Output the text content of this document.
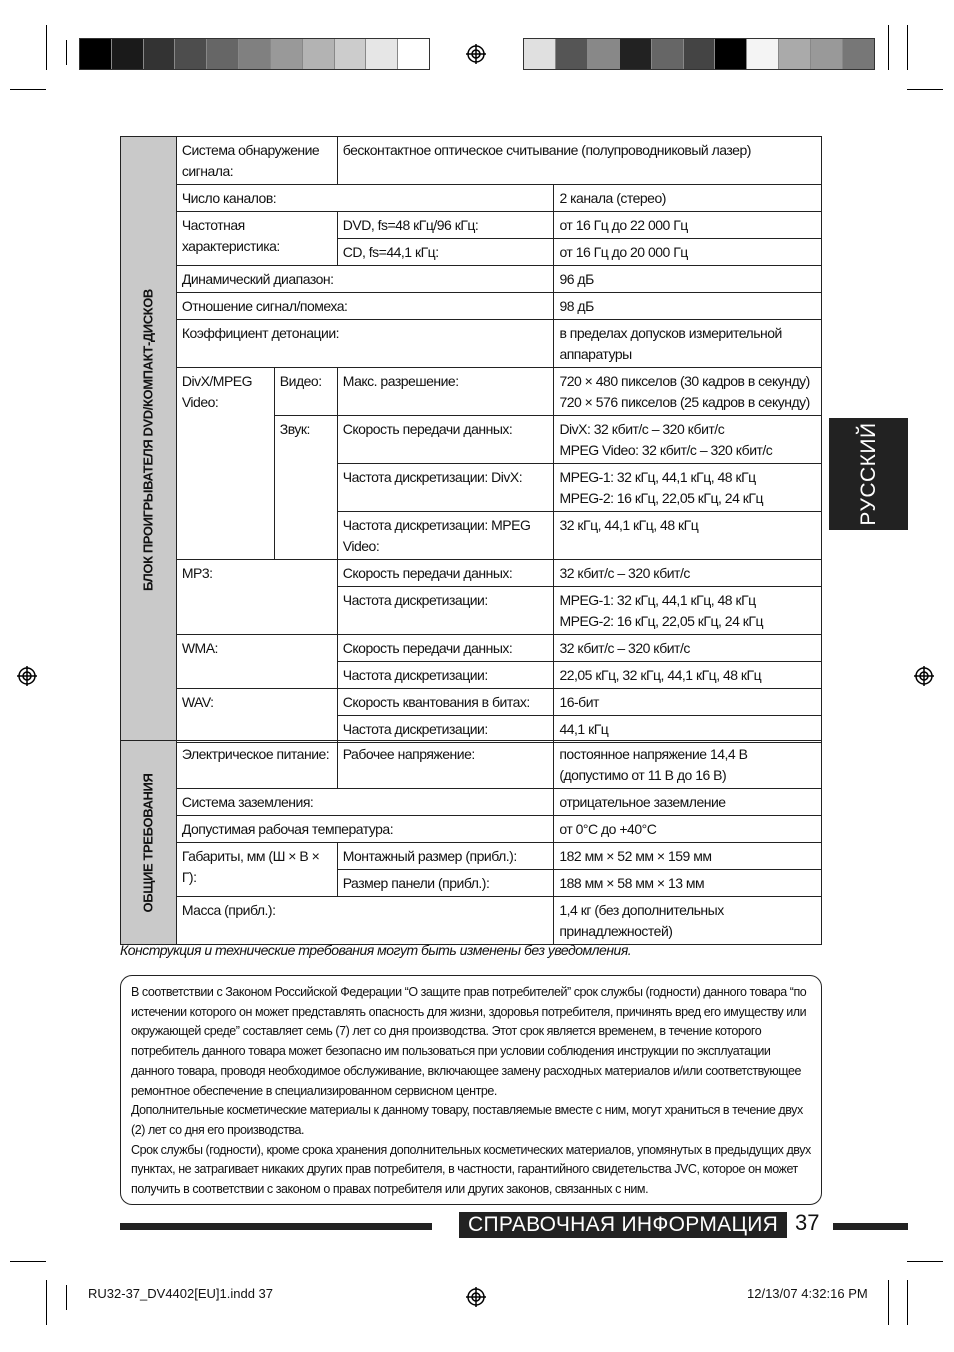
РУССКИЙ
БЛОК ПРОИГРЫВАТЕЛЯ DVD/КОМПАКТ-ДИСКОВ	Система обнаружение сигнала:		бесконтактное оптическое считывание (полупроводниковый лазер)	
	Число каналов:			2 канала (стерео)
	Частотная характеристика:		DVD, fs=48 кГц/96 кГц:	от 16 Гц до 22 000 Гц
			CD, fs=44,1 кГц:	от 16 Гц до 20 000 Гц
	Динамический диапазон:			96 дБ
	Отношение сигнал/помеха:			98 дБ
	Коэффициент детонации:			в пределах допусков измерительной аппаратуры
	DivX/MPEG Video:	Видео:	Макс. разрешение:	720 × 480 пикселов (30 кадров в секунду)
720 × 576 пикселов (25 кадров в секунду)

		Звук:	Скорость передачи данных:	DivX: 32 кбит/с – 320 кбит/с
MPEG Video: 32 кбит/с – 320 кбит/с

			Частота дискретизации: DivX:	MPEG-1: 32 кГц, 44,1 кГц, 48 кГц
MPEG-2: 16 кГц, 22,05 кГц, 24 кГц

			Частота дискретизации: MPEG Video:	32 кГц, 44,1 кГц, 48 кГц
	MP3:		Скорость передачи данных:	32 кбит/с – 320 кбит/с
			Частота дискретизации:	MPEG-1: 32 кГц, 44,1 кГц, 48 кГц
MPEG-2: 16 кГц, 22,05 кГц, 24 кГц

	WMA:		Скорость передачи данных:	32 кбит/с – 320 кбит/с
			Частота дискретизации:	22,05 кГц, 32 кГц, 44,1 кГц, 48 кГц
	WAV:		Скорость квантования в битах:	16-бит
			Частота дискретизации:	44,1 кГц
ОБЩИЕ ТРЕБОВАНИЯ	Электрическое питание:	Рабочее напряжение:	постоянное напряжение 14,4 В (допустимо от 11 В до 16 В)
	Система заземления:		отрицательное заземление
	Допустимая рабочая температура:		от 0°C до +40°C
	Габариты, мм (Ш × В × Г):	Монтажный размер (прибл.):	182 мм × 52 мм × 159 мм
		Размер панели (прибл.):	188 мм × 58 мм × 13 мм
	Масса (прибл.):		1,4 кг (без дополнительных принадлежностей)
Конструкция и технические требования могут быть изменены без уведомления.

В соответствии с Законом Российской Федерации “О защите прав потребителей” срок службы (годности) данного товара “по истечении которого он может представлять опасность для жизни, здоровья потребителя, причинять вред его имуществу или окружающей среде” составляет семь (7) лет со дня производства. Этот срок является временем, в течение которого потребитель данного товара может безопасно им пользоваться при условии соблюдения инструкции по эксплуатации данного товара, проводя необходимое обслуживание, включающее замену расходных материалов и/или соответствующее ремонтное обеспечение в специализированном сервисном центре.

Дополнительные косметические материалы к данному товару, поставляемые вместе с ним, могут храниться в течение двух (2) лет со дня его производства.

Срок службы (годности), кроме срока хранения дополнительных косметических материалов, упомянутых в предыдущих двух пунктах, не затрагивает никаких других прав потребителя, в частности, гарантийного свидетельства JVC, которое он может получить в соответствии с законом о правах потребителя или других законов, связанных с ним.

СПРАВОЧНАЯ ИНФОРМАЦИЯ 37
RU32-37_DV4402[EU]1.indd 37	12/13/07 4:32:16 PM
